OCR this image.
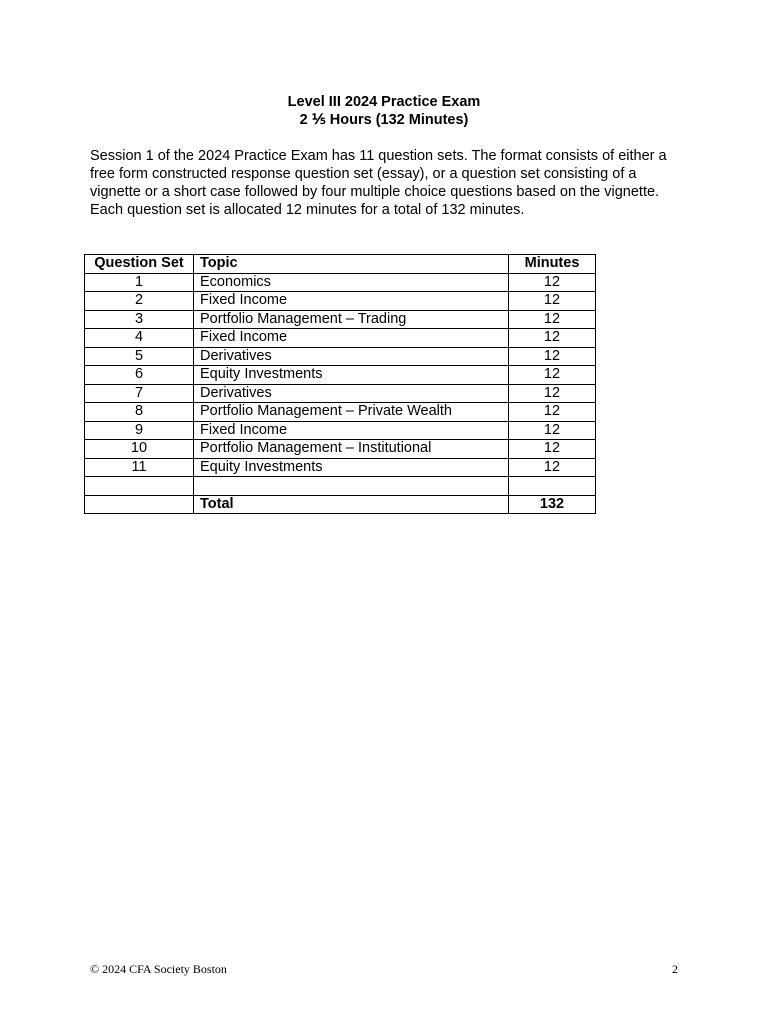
Level III 2024 Practice Exam
2 ⅕ Hours (132 Minutes)

Session 1 of the 2024 Practice Exam has 11 question sets. The format consists of either a free form constructed response question set (essay), or a question set consisting of a vignette or a short case followed by four multiple choice questions based on the vignette. Each question set is allocated 12 minutes for a total of 132 minutes.

Question Set	Topic	Minutes
1	Economics	12
2	Fixed Income	12
3	Portfolio Management – Trading	12
4	Fixed Income	12
5	Derivatives	12
6	Equity Investments	12
7	Derivatives	12
8	Portfolio Management – Private Wealth	12
9	Fixed Income	12
10	Portfolio Management – Institutional	12
11	Equity Investments	12

	Total	132
© 2024 CFA Society Boston	2
